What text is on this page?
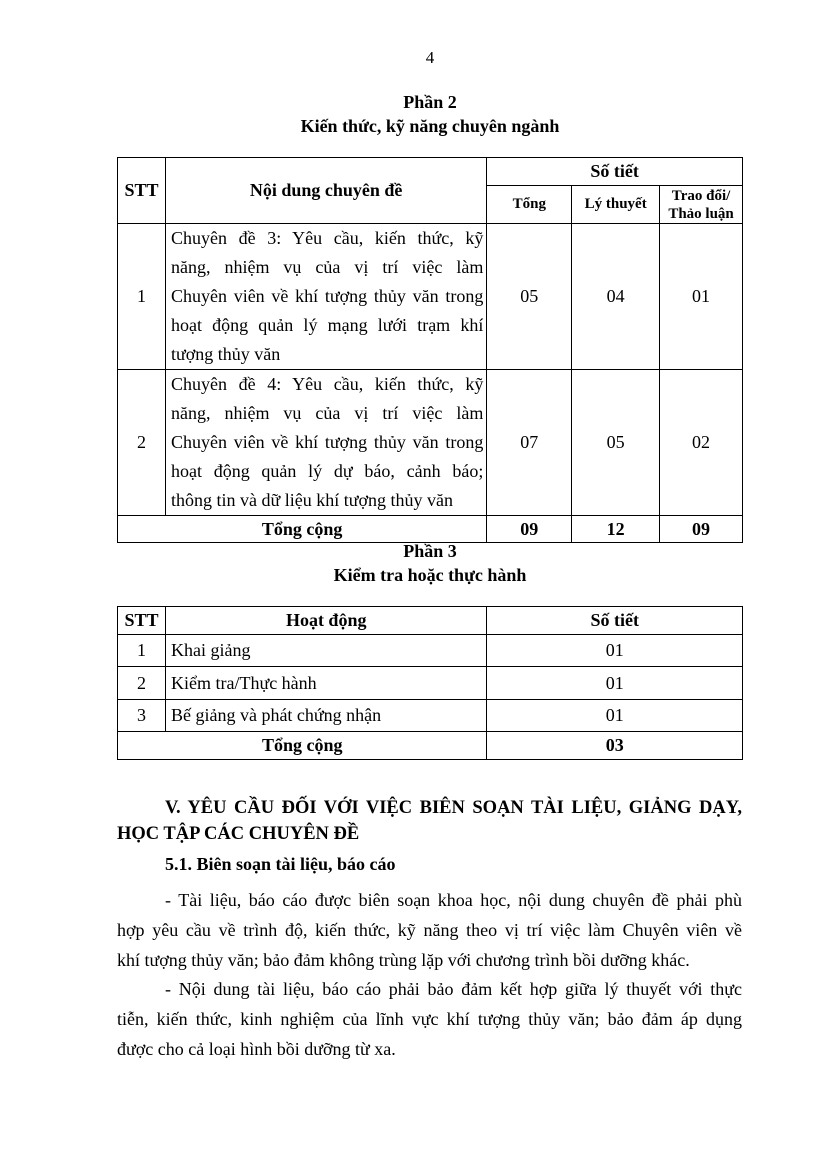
4
Phần 2
Kiến thức, kỹ năng chuyên ngành
STT	Nội dung chuyên đề	Số tiết		
		Tổng	Lý thuyết	Trao đổi/
Thảo luận

1	Chuyên đề 3: Yêu cầu, kiến thức, kỹ
năng, nhiệm vụ của vị trí việc làm
Chuyên viên về khí tượng thủy văn trong
hoạt động quản lý mạng lưới trạm khí
tượng thủy văn	05	04	01
2	Chuyên đề 4: Yêu cầu, kiến thức, kỹ
năng, nhiệm vụ của vị trí việc làm
Chuyên viên về khí tượng thủy văn trong
hoạt động quản lý dự báo, cảnh báo;
thông tin và dữ liệu khí tượng thủy văn	07	05	02
Tổng cộng		09	12	09
Phần 3
Kiểm tra hoặc thực hành
STT	Hoạt động	Số tiết
1	Khai giảng	01
2	Kiểm tra/Thực hành	01
3	Bế giảng và phát chứng nhận	01
Tổng cộng		03
V. YÊU CẦU ĐỐI VỚI VIỆC BIÊN SOẠN TÀI LIỆU, GIẢNG DẠY,
HỌC TẬP CÁC CHUYÊN ĐỀ
5.1. Biên soạn tài liệu, báo cáo
- Tài liệu, báo cáo được biên soạn khoa học, nội dung chuyên đề phải phù
hợp yêu cầu về trình độ, kiến thức, kỹ năng theo vị trí việc làm Chuyên viên về
khí tượng thủy văn; bảo đảm không trùng lặp với chương trình bồi dưỡng khác.
- Nội dung tài liệu, báo cáo phải bảo đảm kết hợp giữa lý thuyết với thực
tiễn, kiến thức, kinh nghiệm của lĩnh vực khí tượng thủy văn; bảo đảm áp dụng
được cho cả loại hình bồi dưỡng từ xa.
